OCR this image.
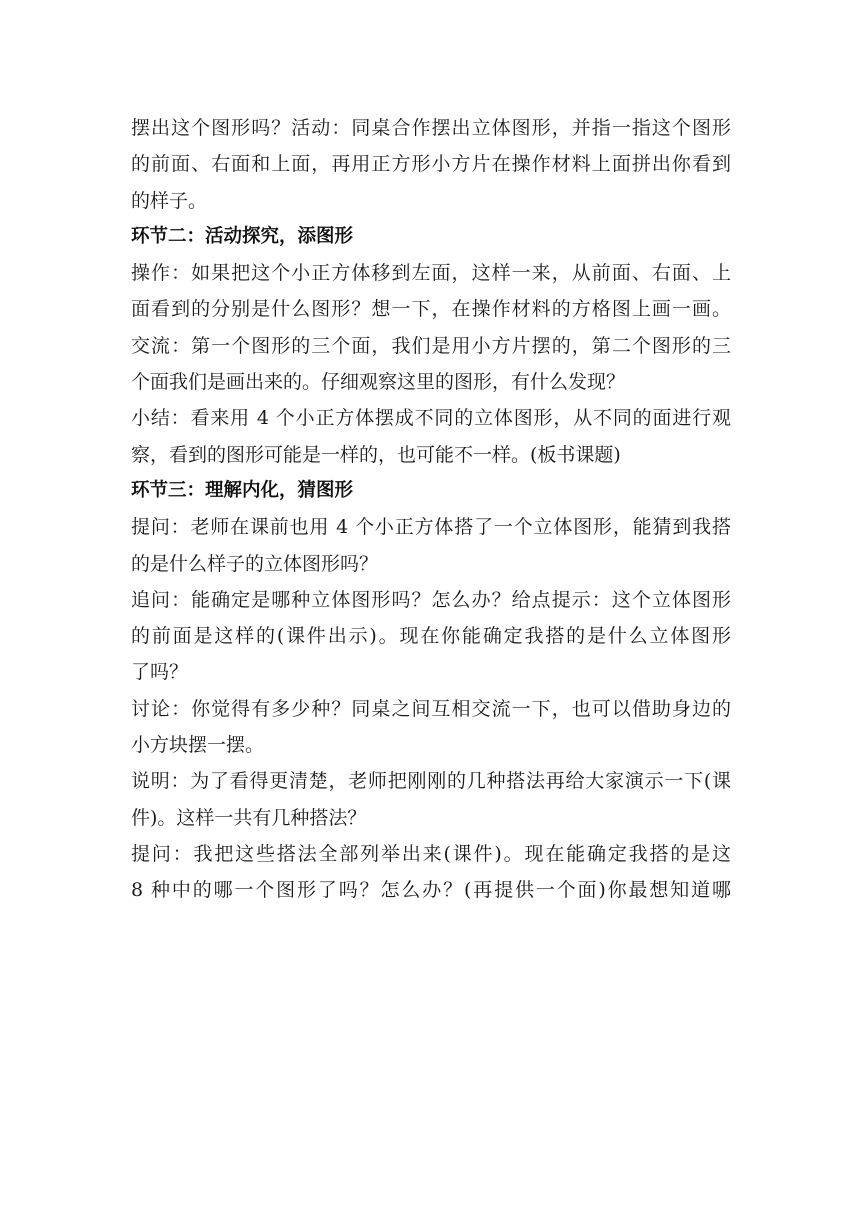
摆出这个图形吗？活动：同桌合作摆出立体图形，并指一指这个图形
的前面、右面和上面，再用正方形小方片在操作材料上面拼出你看到
的样子。
环节二：活动探究，添图形
操作：如果把这个小正方体移到左面，这样一来，从前面、右面、上
面看到的分别是什么图形？想一下，在操作材料的方格图上画一画。
交流：第一个图形的三个面，我们是用小方片摆的，第二个图形的三
个面我们是画出来的。仔细观察这里的图形，有什么发现？
小结：看来用 4 个小正方体摆成不同的立体图形，从不同的面进行观
察，看到的图形可能是一样的，也可能不一样。(板书课题)
环节三：理解内化，猜图形
提问：老师在课前也用 4 个小正方体搭了一个立体图形，能猜到我搭
的是什么样子的立体图形吗？
追问：能确定是哪种立体图形吗？怎么办？给点提示：这个立体图形
的前面是这样的(课件出示)。现在你能确定我搭的是什么立体图形
了吗？
讨论：你觉得有多少种？同桌之间互相交流一下，也可以借助身边的
小方块摆一摆。
说明：为了看得更清楚，老师把刚刚的几种搭法再给大家演示一下(课
件)。这样一共有几种搭法？
提问：我把这些搭法全部列举出来(课件)。现在能确定我搭的是这
8 种中的哪一个图形了吗？怎么办？(再提供一个面)你最想知道哪
